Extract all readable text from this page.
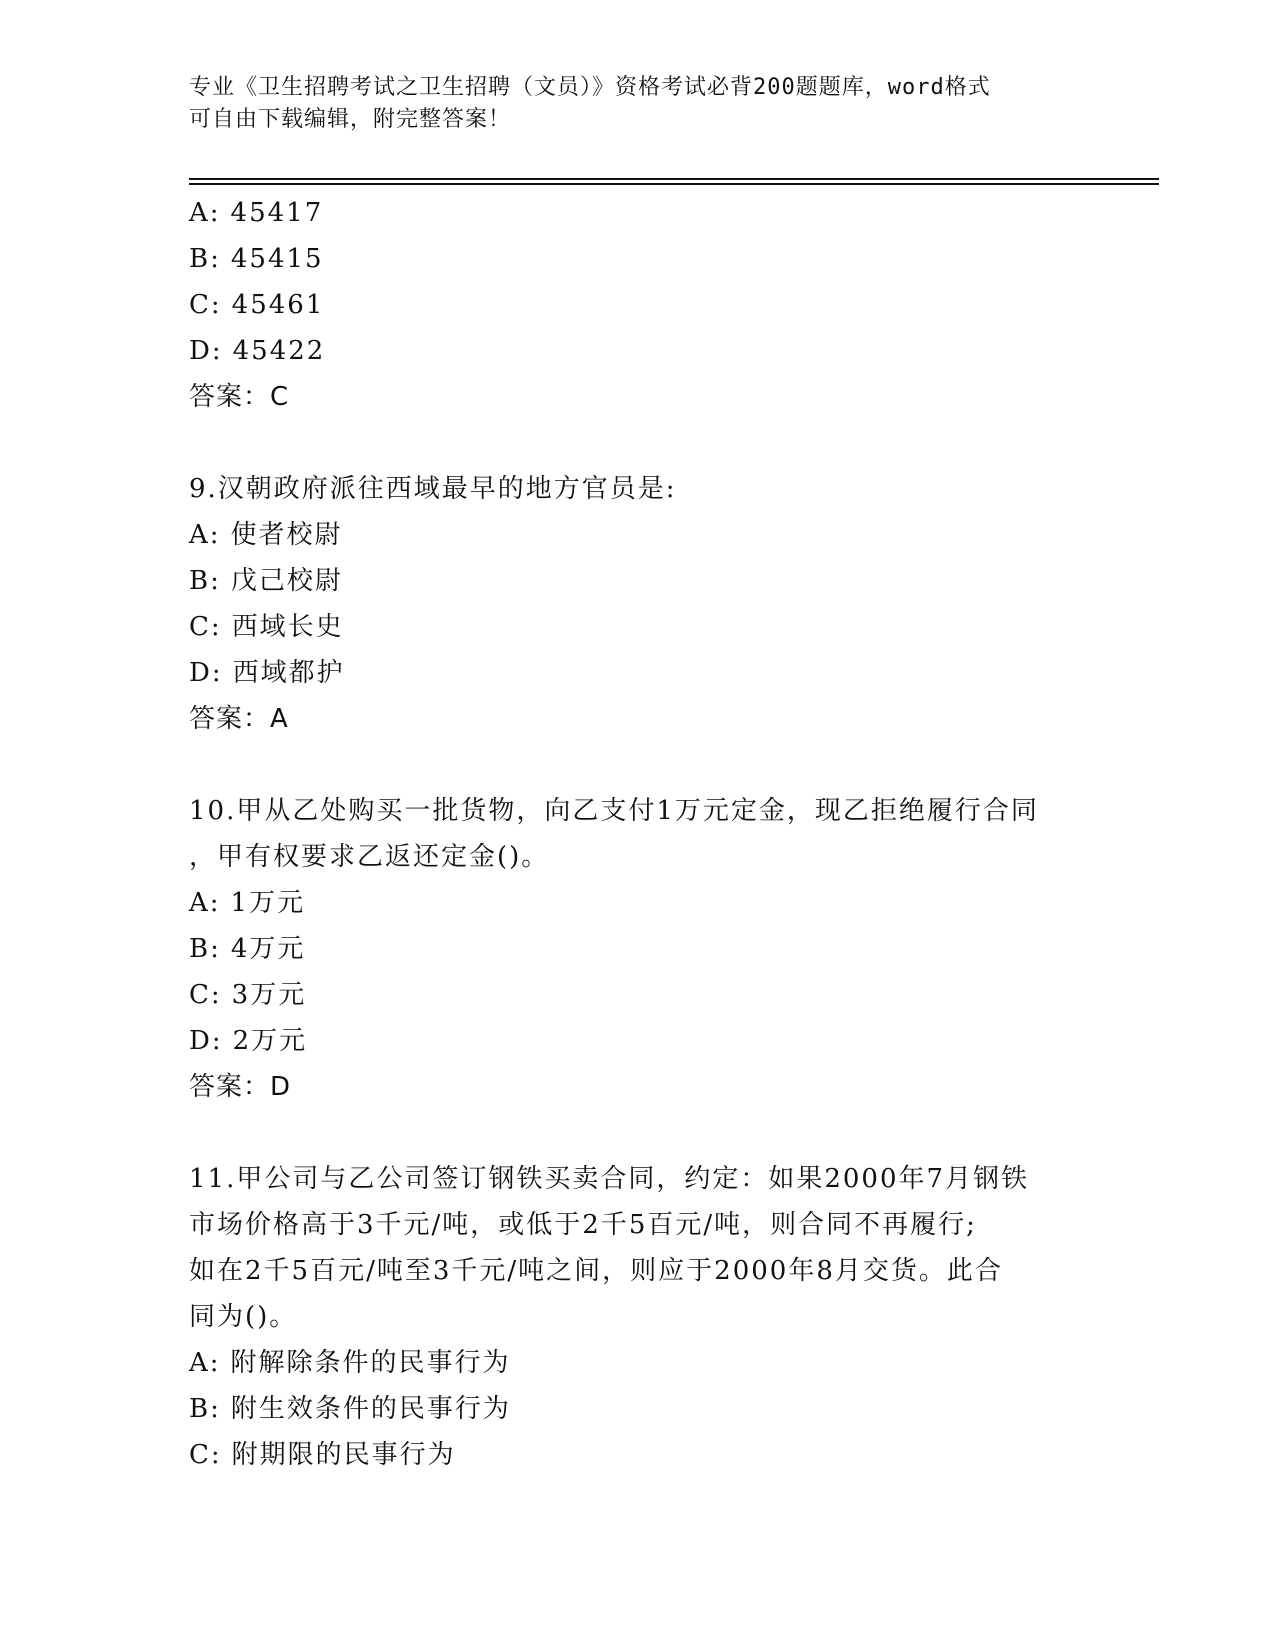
专业《卫生招聘考试之卫生招聘（文员）》资格考试必背200题题库，word格式
可自由下载编辑，附完整答案！
A: 45417
B: 45415
C: 45461
D: 45422
答案：C
9.汉朝政府派往西域最早的地方官员是:
A: 使者校尉
B: 戊己校尉
C: 西域长史
D: 西域都护
答案：A
10.甲从乙处购买一批货物，向乙支付1万元定金，现乙拒绝履行合同
，甲有权要求乙返还定金()。
A: 1万元
B: 4万元
C: 3万元
D: 2万元
答案：D
11.甲公司与乙公司签订钢铁买卖合同，约定：如果2000年7月钢铁
市场价格高于3千元/吨，或低于2千5百元/吨，则合同不再履行;
如在2千5百元/吨至3千元/吨之间，则应于2000年8月交货。此合
同为()。
A: 附解除条件的民事行为
B: 附生效条件的民事行为
C: 附期限的民事行为
